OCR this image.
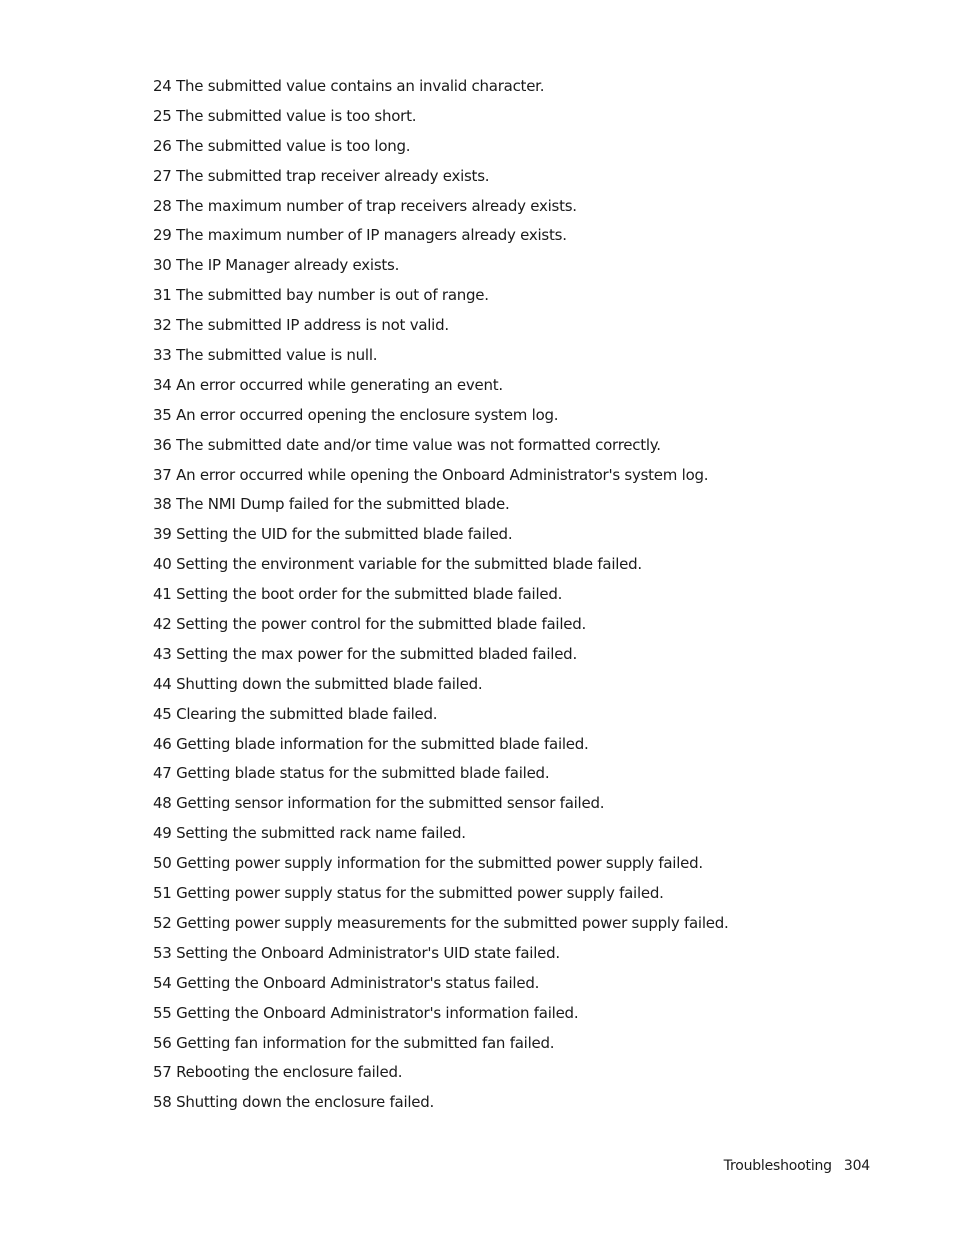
24 The submitted value contains an invalid character.
25 The submitted value is too short.
26 The submitted value is too long.
27 The submitted trap receiver already exists.
28 The maximum number of trap receivers already exists.
29 The maximum number of IP managers already exists.
30 The IP Manager already exists.
31 The submitted bay number is out of range.
32 The submitted IP address is not valid.
33 The submitted value is null.
34 An error occurred while generating an event.
35 An error occurred opening the enclosure system log.
36 The submitted date and/or time value was not formatted correctly.
37 An error occurred while opening the Onboard Administrator's system log.
38 The NMI Dump failed for the submitted blade.
39 Setting the UID for the submitted blade failed.
40 Setting the environment variable for the submitted blade failed.
41 Setting the boot order for the submitted blade failed.
42 Setting the power control for the submitted blade failed.
43 Setting the max power for the submitted bladed failed.
44 Shutting down the submitted blade failed.
45 Clearing the submitted blade failed.
46 Getting blade information for the submitted blade failed.
47 Getting blade status for the submitted blade failed.
48 Getting sensor information for the submitted sensor failed.
49 Setting the submitted rack name failed.
50 Getting power supply information for the submitted power supply failed.
51 Getting power supply status for the submitted power supply failed.
52 Getting power supply measurements for the submitted power supply failed.
53 Setting the Onboard Administrator's UID state failed.
54 Getting the Onboard Administrator's status failed.
55 Getting the Onboard Administrator's information failed.
56 Getting fan information for the submitted fan failed.
57 Rebooting the enclosure failed.
58 Shutting down the enclosure failed.
Troubleshooting 304
